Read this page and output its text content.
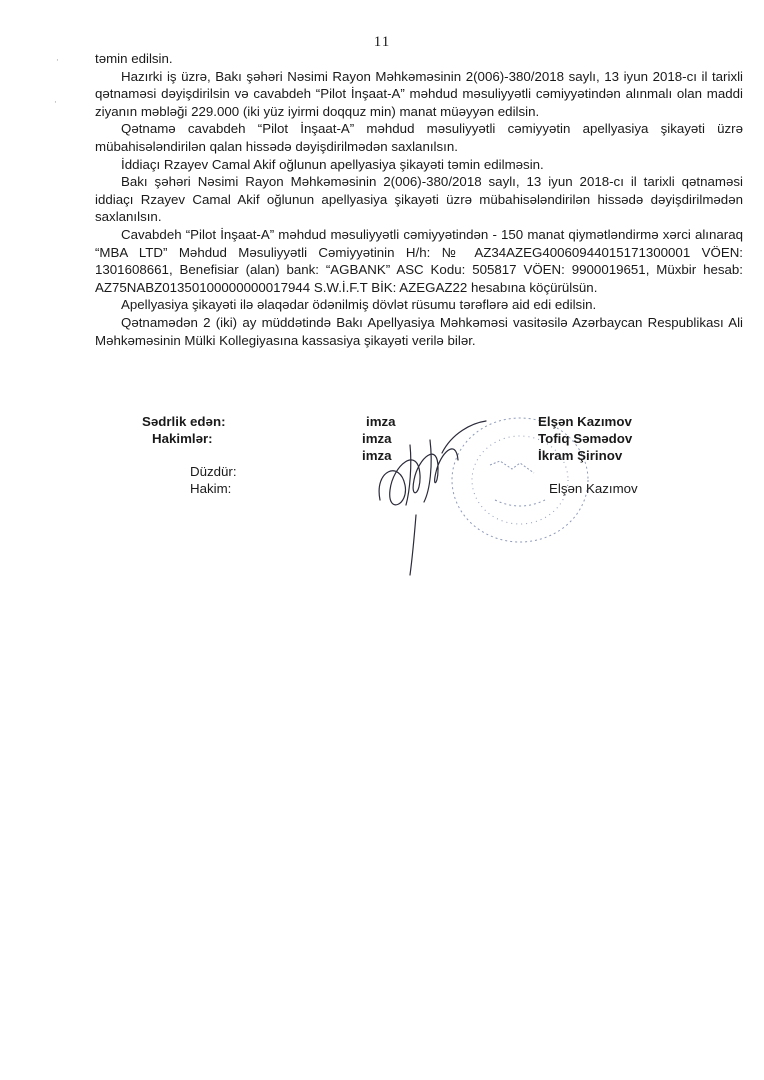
11
·
·

təmin edilsin.

Hazırki iş üzrə, Bakı şəhəri Nəsimi Rayon Məhkəməsinin 2(006)-380/2018 saylı, 13 iyun 2018-cı il tarixli qətnaməsi dəyişdirilsin və cavabdeh “Pilot İnşaat-A” məhdud məsuliyyətli cəmiyyətindən alınmalı olan maddi ziyanın məbləği 229.000 (iki yüz iyirmi doqquz min) manat müəyyən edilsin.

Qətnamə cavabdeh “Pilot İnşaat-A” məhdud məsuliyyətli cəmiyyətin apellyasiya şikayəti üzrə mübahisələndirilən qalan hissədə dəyişdirilmədən saxlanılsın.

İddiaçı Rzayev Camal Akif oğlunun apellyasiya şikayəti təmin edilməsin.

Bakı şəhəri Nəsimi Rayon Məhkəməsinin 2(006)-380/2018 saylı, 13 iyun 2018-cı il tarixli qətnaməsi iddiaçı Rzayev Camal Akif oğlunun apellyasiya şikayəti üzrə mübahisələndirilən hissədə dəyişdirilmədən saxlanılsın.

Cavabdeh “Pilot İnşaat-A” məhdud məsuliyyətli cəmiyyətindən - 150 manat qiymətləndirmə xərci alınaraq “MBA LTD” Məhdud Məsuliyyətli Cəmiyyətinin H/h: № AZ34AZEG40060944015171300001 VÖEN: 1301608661, Benefisiar (alan) bank: “AGBANK” ASC Kodu: 505817 VÖEN: 9900019651, Müxbir hesab: AZ75NABZ01350100000000017944 S.W.İ.F.T BİK: AZEGAZ22 hesabına köçürülsün.

Apellyasiya şikayəti ilə əlaqədar ödənilmiş dövlət rüsumu tərəflərə aid edi edilsin.

Qətnamədən 2 (iki) ay müddətində Bakı Apellyasiya Məhkəməsi vasitəsilə Azərbaycan Respublikası Ali Məhkəməsinin Mülki Kollegiyasına kassasiya şikayəti verilə bilər.

Sədrlik edən:
Hakimlər:
imza
imza
imza
Elşən Kazımov
Tofiq Səmədov
İkram Şirinov
Düzdür:
Hakim:	Elşən Kazımov
